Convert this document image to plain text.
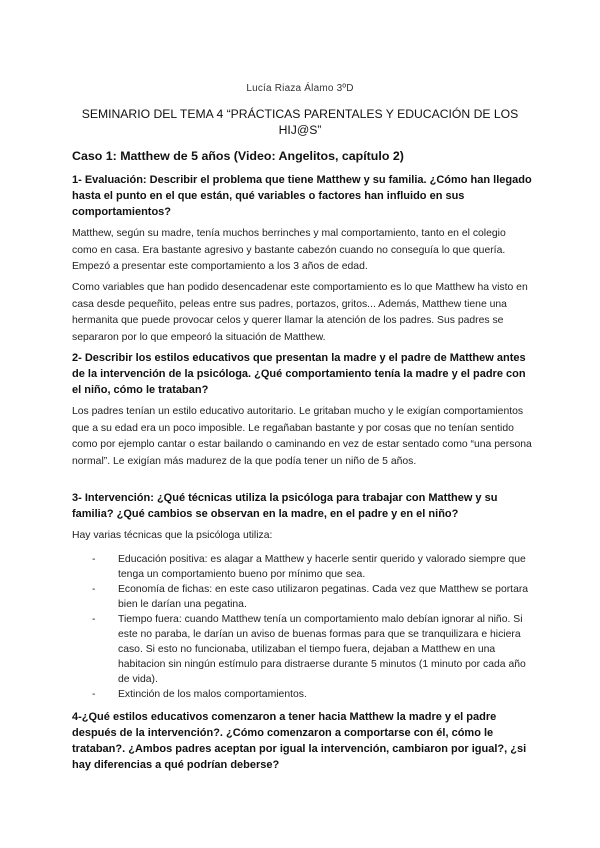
Lucía Riaza Álamo 3ºD
SEMINARIO DEL TEMA 4 “PRÁCTICAS PARENTALES Y EDUCACIÓN DE LOS HIJ@S”
Caso 1: Matthew de 5 años (Video: Angelitos, capítulo 2)
1- Evaluación: Describir el problema que tiene Matthew y su familia. ¿Cómo han llegado hasta el punto en el que están, qué variables o factores han influido en sus comportamientos?
Matthew, según su madre, tenía muchos berrinches y mal comportamiento, tanto en el colegio como en casa. Era bastante agresivo y bastante cabezón cuando no conseguía lo que quería. Empezó a presentar este comportamiento a los 3 años de edad.
Como variables que han podido desencadenar este comportamiento es lo que Matthew ha visto en casa desde pequeñito, peleas entre sus padres, portazos, gritos... Además, Matthew tiene una hermanita que puede provocar celos y querer llamar la atención de los padres. Sus padres se separaron por lo que empeoró la situación de Matthew.
2- Describir los estilos educativos que presentan la madre y el padre de Matthew antes de la intervención de la psicóloga. ¿Qué comportamiento tenía la madre y el padre con el niño, cómo le trataban?
Los padres tenían un estilo educativo autoritario. Le gritaban mucho y le exigían comportamientos que a su edad era un poco imposible. Le regañaban bastante y por cosas que no tenían sentido como por ejemplo cantar o estar bailando o caminando en vez de estar sentado como “una persona normal”. Le exigían más madurez de la que podía tener un niño de 5 años.
3- Intervención: ¿Qué técnicas utiliza la psicóloga para trabajar con Matthew y su familia? ¿Qué cambios se observan en la madre, en el padre y en el niño?
Hay varias técnicas que la psicóloga utiliza:
- Educación positiva: es alagar a Matthew y hacerle sentir querido y valorado siempre que tenga un comportamiento bueno por mínimo que sea.
- Economía de fichas: en este caso utilizaron pegatinas. Cada vez que Matthew se portara bien le darían una pegatina.
- Tiempo fuera: cuando Matthew tenía un comportamiento malo debían ignorar al niño. Si este no paraba, le darían un aviso de buenas formas para que se tranquilizara e hiciera caso. Si esto no funcionaba, utilizaban el tiempo fuera, dejaban a Matthew en una habitacion sin ningún estímulo para distraerse durante 5 minutos (1 minuto por cada año de vida).
- Extinción de los malos comportamientos.
4-¿Qué estilos educativos comenzaron a tener hacia Matthew la madre y el padre después de la intervención?. ¿Cómo comenzaron a comportarse con él, cómo le trataban?. ¿Ambos padres aceptan por igual la intervención, cambiaron por igual?, ¿si hay diferencias a qué podrían deberse?
